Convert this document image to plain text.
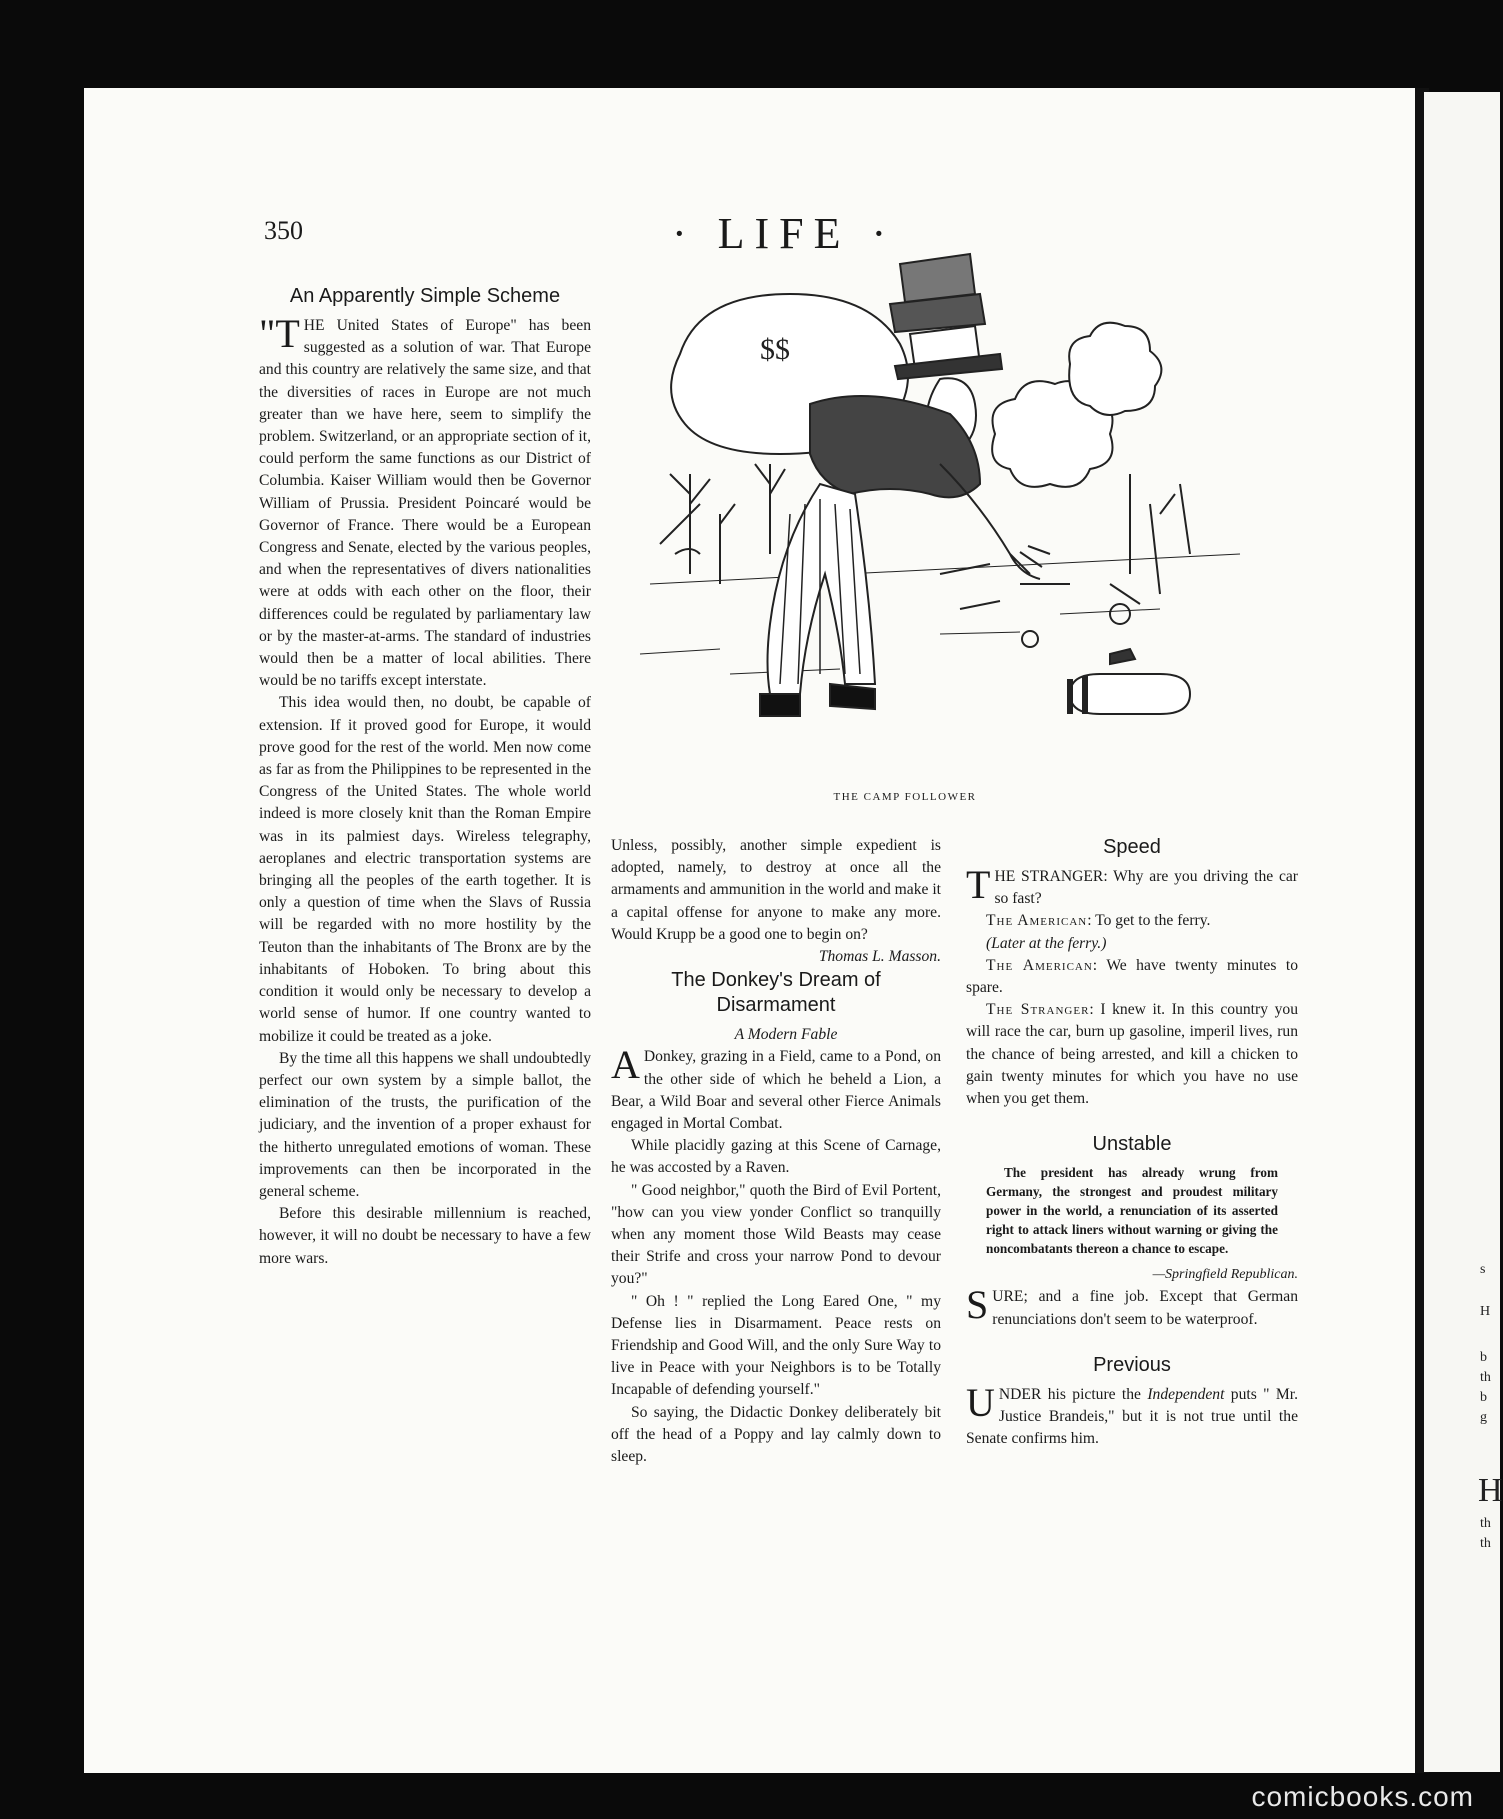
350	· LIFE ·
An Apparently Simple Scheme

"THE United States of Europe" has been suggested as a solution of war. That Europe and this country are relatively the same size, and that the diversities of races in Europe are not much greater than we have here, seem to simplify the problem. Switzerland, or an appropriate section of it, could perform the same functions as our District of Columbia. Kaiser William would then be Governor William of Prussia. President Poincaré would be Governor of France. There would be a European Congress and Senate, elected by the various peoples, and when the representatives of divers nationalities were at odds with each other on the floor, their differences could be regulated by parliamentary law or by the master-at-arms. The standard of industries would then be a matter of local abilities. There would be no tariffs except interstate.

This idea would then, no doubt, be capable of extension. If it proved good for Europe, it would prove good for the rest of the world. Men now come as far as from the Philippines to be represented in the Congress of the United States. The whole world indeed is more closely knit than the Roman Empire was in its palmiest days. Wireless telegraphy, aeroplanes and electric transportation systems are bringing all the peoples of the earth together. It is only a question of time when the Slavs of Russia will be regarded with no more hostility by the Teuton than the inhabitants of The Bronx are by the inhabitants of Hoboken. To bring about this condition it would only be necessary to develop a world sense of humor. If one country wanted to mobilize it could be treated as a joke.

By the time all this happens we shall undoubtedly perfect our own system by a simple ballot, the elimination of the trusts, the purification of the judiciary, and the invention of a proper exhaust for the hitherto unregulated emotions of woman. These improvements can then be incorporated in the general scheme.

Before this desirable millennium is reached, however, it will no doubt be necessary to have a few more wars.

$$
THE CAMP FOLLOWER

Unless, possibly, another simple expedient is adopted, namely, to destroy at once all the armaments and ammunition in the world and make it a capital offense for anyone to make any more. Would Krupp be a good one to begin on?

Thomas L. Masson.

The Donkey's Dream of Disarmament

A Modern Fable

A Donkey, grazing in a Field, came to a Pond, on the other side of which he beheld a Lion, a Bear, a Wild Boar and several other Fierce Animals engaged in Mortal Combat.

While placidly gazing at this Scene of Carnage, he was accosted by a Raven.

" Good neighbor," quoth the Bird of Evil Portent, "how can you view yonder Conflict so tranquilly when any moment those Wild Beasts may cease their Strife and cross your narrow Pond to devour you?"

" Oh ! " replied the Long Eared One, " my Defense lies in Disarmament. Peace rests on Friendship and Good Will, and the only Sure Way to live in Peace with your Neighbors is to be Totally Incapable of defending yourself."

So saying, the Didactic Donkey deliberately bit off the head of a Poppy and lay calmly down to sleep.

Speed

THE STRANGER: Why are you driving the car so fast?

The American: To get to the ferry.

(Later at the ferry.)

The American: We have twenty minutes to spare.

The Stranger: I knew it. In this country you will race the car, burn up gasoline, imperil lives, run the chance of being arrested, and kill a chicken to gain twenty minutes for which you have no use when you get them.

Unstable

The president has already wrung from Germany, the strongest and proudest military power in the world, a renunciation of its asserted right to attack liners without warning or giving the noncombatants thereon a chance to escape.

—Springfield Republican.

SURE; and a fine job. Except that German renunciations don't seem to be waterproof.

Previous

UNDER his picture the Independent puts " Mr. Justice Brandeis," but it is not true until the Senate confirms him.

s
H
b
th
b
g
H
th
th
comicbooks.com
